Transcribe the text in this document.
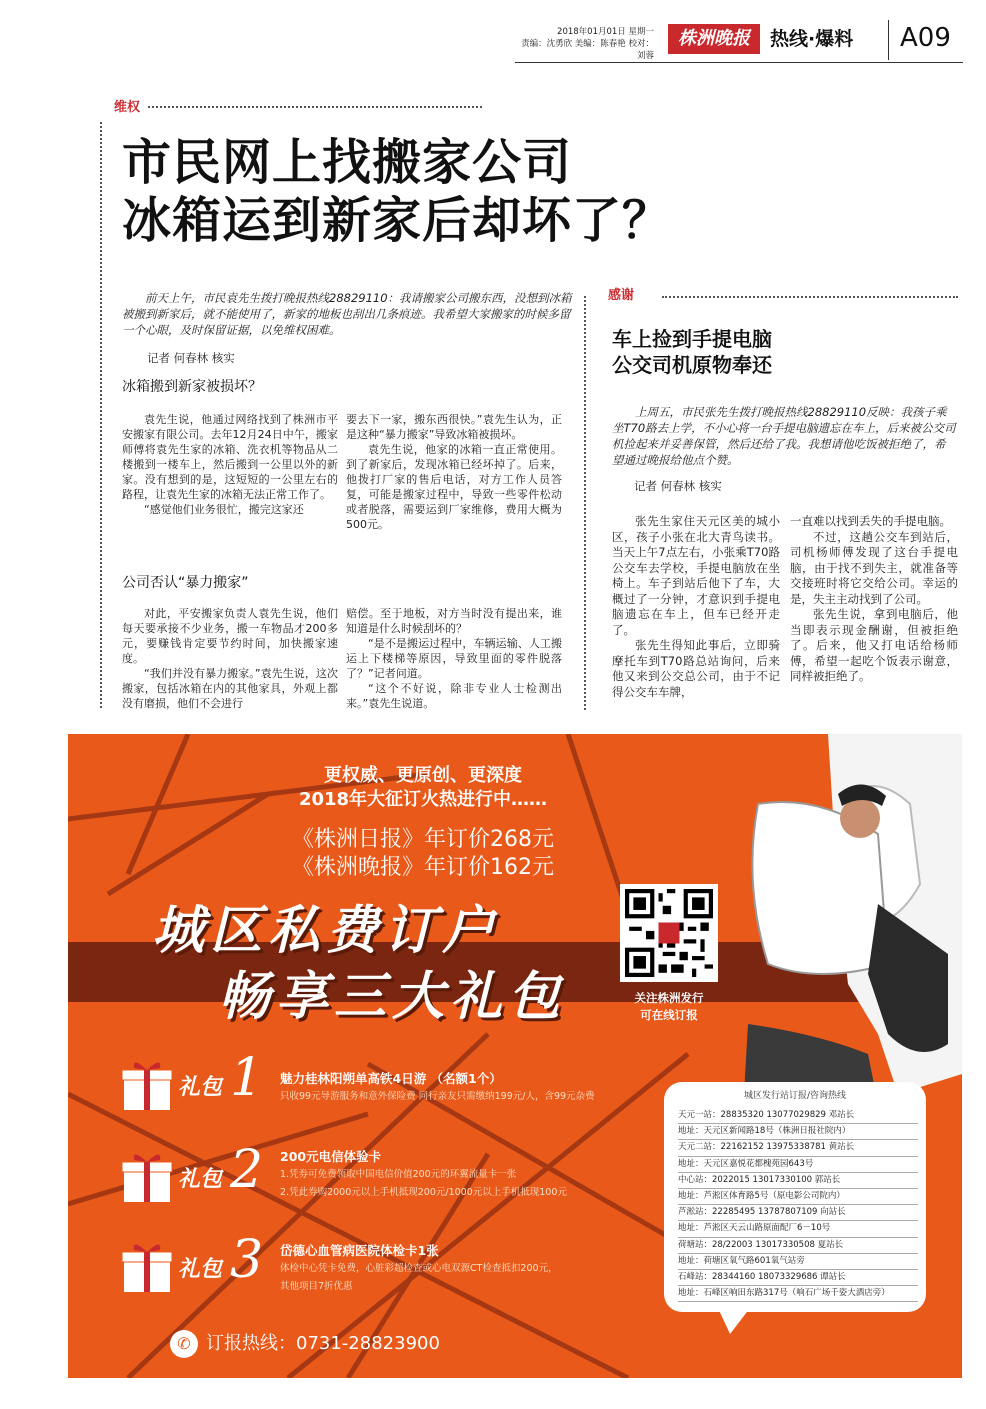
2018年01月01日 星期一
责编：沈勇欣 美编：陈春艳 校对：刘蓉
株洲晚报	热线·爆料 A09
维权
市民网上找搬家公司
冰箱运到新家后却坏了？
前天上午，市民袁先生拨打晚报热线28829110：我请搬家公司搬东西，没想到冰箱被搬到新家后，就不能使用了，新家的地板也刮出几条痕迹。我希望大家搬家的时候多留一个心眼，及时保留证据，以免维权困难。
记者 何春林 核实
冰箱搬到新家被损坏？

袁先生说，他通过网络找到了株洲市平安搬家有限公司。去年12月24日中午，搬家师傅将袁先生家的冰箱、洗衣机等物品从二楼搬到一楼车上，然后搬到一公里以外的新家。没有想到的是，这短短的一公里左右的路程，让袁先生家的冰箱无法正常工作了。

“感觉他们业务很忙，搬完这家还

要去下一家，搬东西很快。”袁先生认为，正是这种“暴力搬家”导致冰箱被损坏。

袁先生说，他家的冰箱一直正常使用。到了新家后，发现冰箱已经坏掉了。后来，他拨打厂家的售后电话，对方工作人员答复，可能是搬家过程中，导致一些零件松动或者脱落，需要运到厂家维修，费用大概为500元。

公司否认“暴力搬家”

对此，平安搬家负责人袁先生说，他们每天要承接不少业务，搬一车物品才200多元，要赚钱肯定要节约时间，加快搬家速度。

“我们并没有暴力搬家。”袁先生说，这次搬家，包括冰箱在内的其他家具，外观上都没有磨损，他们不会进行

赔偿。至于地板，对方当时没有提出来，谁知道是什么时候刮坏的？

“是不是搬运过程中，车辆运输、人工搬运上下楼梯等原因，导致里面的零件脱落了？”记者问道。

“这个不好说，除非专业人士检测出来。”袁先生说道。

感谢
车上捡到手提电脑
公交司机原物奉还
上周五，市民张先生拨打晚报热线28829110反映：我孩子乘坐T70路去上学，不小心将一台手提电脑遗忘在车上，后来被公交司机捡起来并妥善保管，然后还给了我。我想请他吃饭被拒绝了，希望通过晚报给他点个赞。
记者 何春林 核实

张先生家住天元区美的城小区，孩子小张在北大青鸟读书。当天上午7点左右，小张乘T70路公交车去学校，手提电脑放在坐椅上。车子到站后他下了车，大概过了一分钟，才意识到手提电脑遗忘在车上，但车已经开走了。

张先生得知此事后，立即骑摩托车到T70路总站询问，后来他又来到公交总公司，由于不记得公交车车牌，

一直难以找到丢失的手提电脑。

不过，这趟公交车到站后，司机杨师傅发现了这台手提电脑，由于找不到失主，就准备等交接班时将它交给公司。幸运的是，失主主动找到了公司。

张先生说，拿到电脑后，他当即表示现金酬谢，但被拒绝了。后来，他又打电话给杨师傅，希望一起吃个饭表示谢意，同样被拒绝了。

更权威、更原创、更深度
2018年大征订火热进行中……
《株洲日报》年订价268元
《株洲晚报》年订价162元
城区私费订户
畅享三大礼包	关注株洲发行
可在线订报
礼包 1 魅力桂林阳朔单高铁4日游 （名额1个）
只收99元导游服务和意外保险费 同行亲友只需缴纳199元/人，含99元杂费
礼包 2 200元电信体验卡
1.凭券可免费领取中国电信价值200元的环翼流量卡一张
2.凭此券购2000元以上手机抵现200元/1000元以上手机抵现100元
礼包 3 岱德心血管病医院体检卡1张
体检中心凭卡免费，心脏彩超检查或心电双源CT检查抵扣200元，
其他项目7折优惠
✆ 订报热线：0731-28823900
城区发行站订报/咨询热线
天元一站：28835320 13077029829 邓站长
地址：天元区新闻路18号（株洲日报社院内）
天元二站：22162152 13975338781 黄站长
地址：天元区嘉悦花都槐苑园643号
中心站：2022015 13017330100 郭站长
地址：芦淞区体育路5号（原电影公司院内）
芦淞站：22285495 13787807109 向站长
地址：芦淞区天云山路原面配厂6－10号
荷塘站：28/22003 13017330508 夏站长
地址：荷塘区氧气路601氧气站旁
石峰站：28344160 18073329686 谭站长
地址：石峰区响田东路317号（响石广场千姿大酒店旁）
